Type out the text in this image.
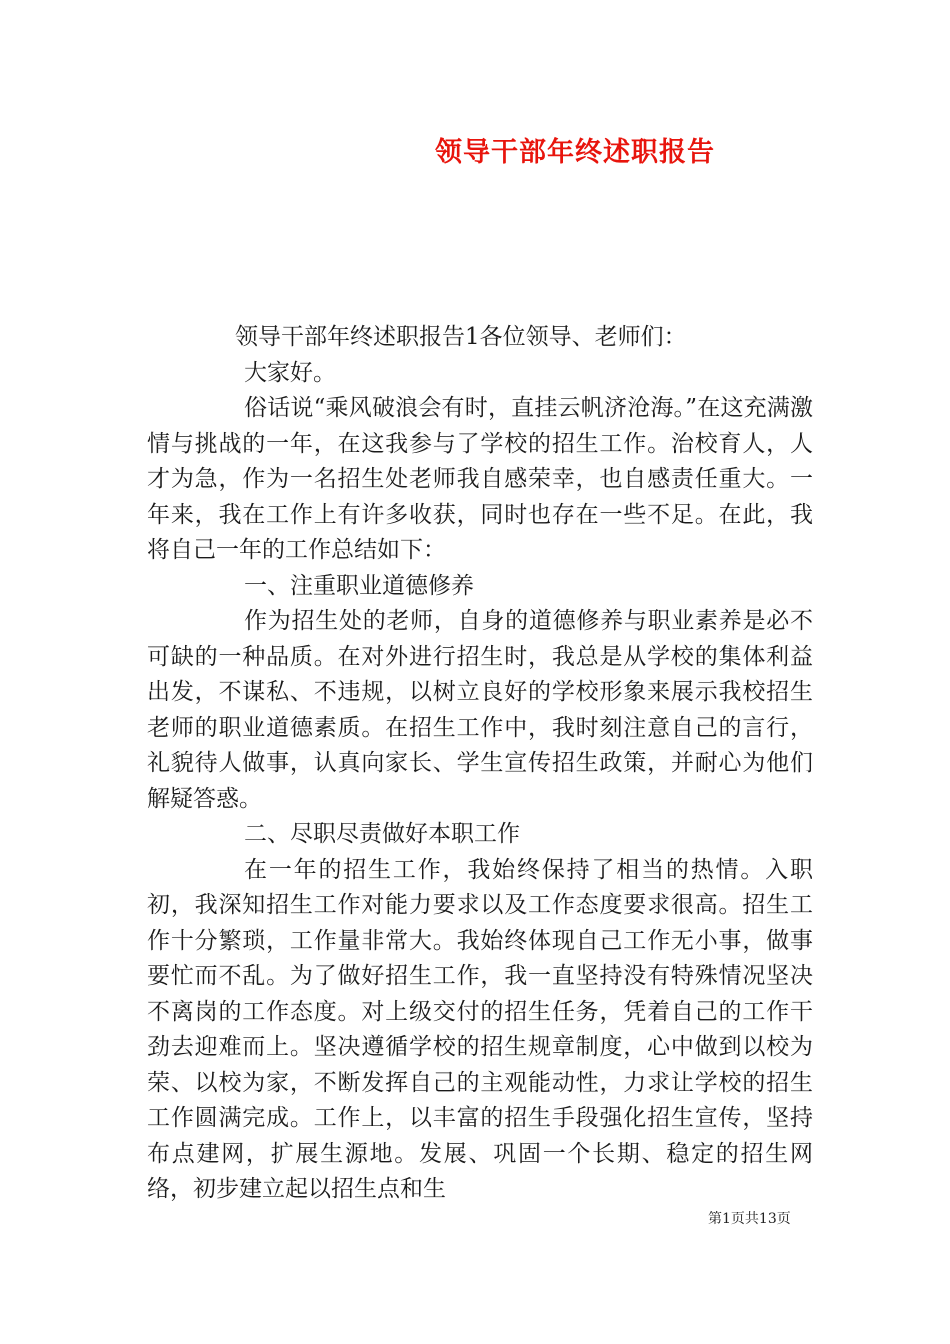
领导干部年终述职报告

领导干部年终述职报告1各位领导、老师们：

大家好。

俗话说“乘风破浪会有时，直挂云帆济沧海。”在这充满激情与挑战的一年，在这我参与了学校的招生工作。治校育人，人才为急，作为一名招生处老师我自感荣幸，也自感责任重大。一年来，我在工作上有许多收获，同时也存在一些不足。在此，我将自己一年的工作总结如下：

一、注重职业道德修养

作为招生处的老师，自身的道德修养与职业素养是必不可缺的一种品质。在对外进行招生时，我总是从学校的集体利益出发，不谋私、不违规，以树立良好的学校形象来展示我校招生老师的职业道德素质。在招生工作中，我时刻注意自己的言行，礼貌待人做事，认真向家长、学生宣传招生政策，并耐心为他们解疑答惑。

二、尽职尽责做好本职工作

在一年的招生工作，我始终保持了相当的热情。入职初，我深知招生工作对能力要求以及工作态度要求很高。招生工作十分繁琐，工作量非常大。我始终体现自己工作无小事，做事要忙而不乱。为了做好招生工作，我一直坚持没有特殊情况坚决不离岗的工作态度。对上级交付的招生任务，凭着自己的工作干劲去迎难而上。坚决遵循学校的招生规章制度，心中做到以校为荣、以校为家，不断发挥自己的主观能动性，力求让学校的招生工作圆满完成。工作上，以丰富的招生手段强化招生宣传，坚持布点建网，扩展生源地。发展、巩固一个长期、稳定的招生网络，初步建立起以招生点和生

第1页共13页
